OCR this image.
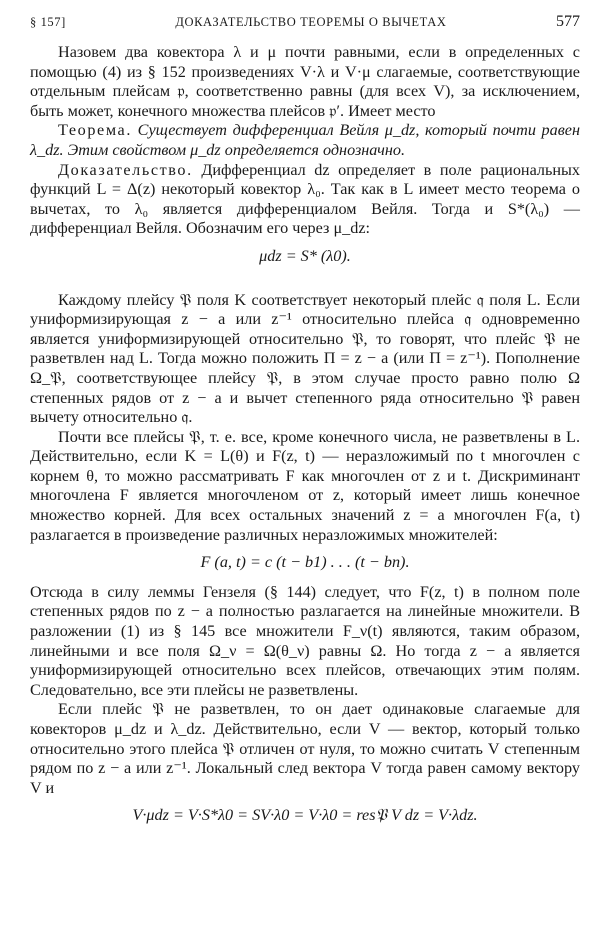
§ 157]	ДОКАЗАТЕЛЬСТВО ТЕОРЕМЫ О ВЫЧЕТАХ	577

Назовем два ковектора λ и μ почти равными, если в определенных с помощью (4) из § 152 произведениях V·λ и V·μ слагаемые, соответствующие отдельным плейсам 𝔭, соответственно равны (для всех V), за исключением, быть может, конечного множества плейсов 𝔭′. Имеет место

Теорема. Существует дифференциал Вейля μ_dz, который почти равен λ_dz. Этим свойством μ_dz определяется однозначно.

Доказательство. Дифференциал dz определяет в поле рациональных функций L = Δ(z) некоторый ковектор λ₀. Так как в L имеет место теорема о вычетах, то λ₀ является дифференциалом Вейля. Тогда и S*(λ₀) — дифференциал Вейля. Обозначим его через μ_dz:

μdz = S* (λ0).

Каждому плейсу 𝔓 поля K соответствует некоторый плейс 𝔮 поля L. Если униформизирующая z − a или z⁻¹ относительно плейса 𝔮 одновременно является униформизирующей относительно 𝔓, то говорят, что плейс 𝔓 не разветвлен над L. Тогда можно положить Π = z − a (или Π = z⁻¹). Пополнение Ω_𝔓, соответствующее плейсу 𝔓, в этом случае просто равно полю Ω степенных рядов от z − a и вычет степенного ряда относительно 𝔓 равен вычету относительно 𝔮.

Почти все плейсы 𝔓, т. е. все, кроме конечного числа, не разветвлены в L. Действительно, если K = L(θ) и F(z, t) — неразложимый по t многочлен с корнем θ, то можно рассматривать F как многочлен от z и t. Дискриминант многочлена F является многочленом от z, который имеет лишь конечное множество корней. Для всех остальных значений z = a многочлен F(a, t) разлагается в произведение различных неразложимых множителей:

F (a, t) = c (t − b1) . . . (t − bn).

Отсюда в силу леммы Гензеля (§ 144) следует, что F(z, t) в полном поле степенных рядов по z − a полностью разлагается на линейные множители. В разложении (1) из § 145 все множители F_ν(t) являются, таким образом, линейными и все поля Ω_ν = Ω(θ_ν) равны Ω. Но тогда z − a является униформизирующей относительно всех плейсов, отвечающих этим полям. Следовательно, все эти плейсы не разветвлены.

Если плейс 𝔓 не разветвлен, то он дает одинаковые слагаемые для ковекторов μ_dz и λ_dz. Действительно, если V — вектор, который только относительно этого плейса 𝔓 отличен от нуля, то можно считать V степенным рядом по z − a или z⁻¹. Локальный след вектора V тогда равен самому вектору V и

V·μdz = V·S*λ0 = SV·λ0 = V·λ0 = res𝔓 V dz = V·λdz.
